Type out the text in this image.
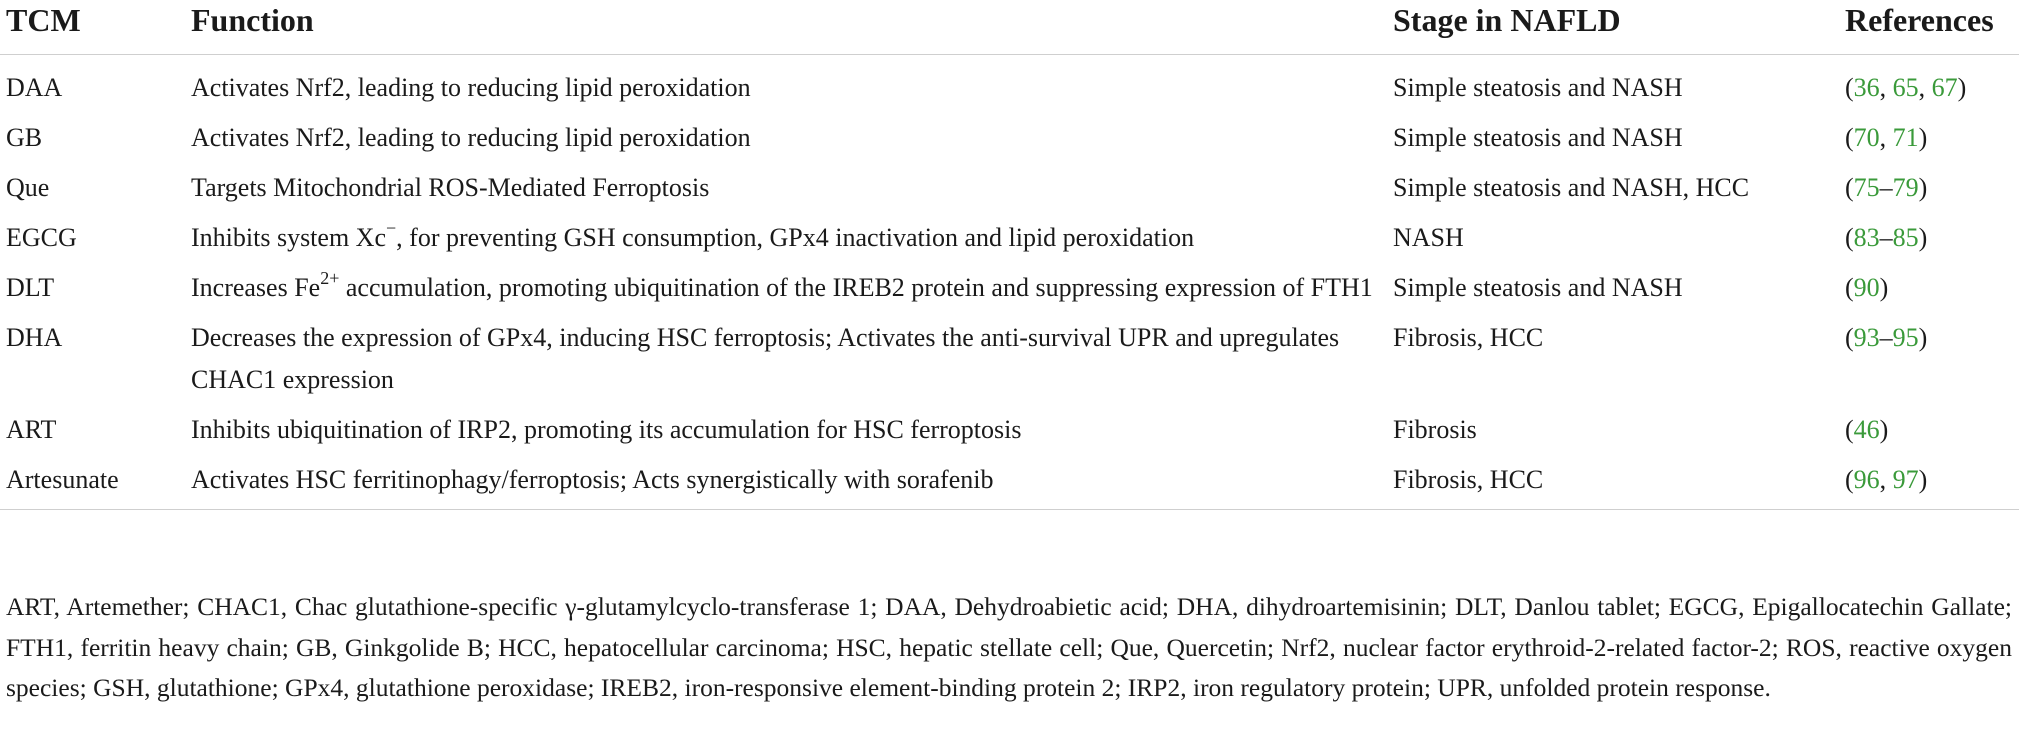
TCM	Function	Stage in NAFLD	References
DAA	Activates Nrf2, leading to reducing lipid peroxidation	Simple steatosis and NASH	(36, 65, 67)
GB	Activates Nrf2, leading to reducing lipid peroxidation	Simple steatosis and NASH	(70, 71)
Que	Targets Mitochondrial ROS-Mediated Ferroptosis	Simple steatosis and NASH, HCC	(75–79)
EGCG	Inhibits system Xc−, for preventing GSH consumption, GPx4 inactivation and lipid peroxidation	NASH	(83–85)
DLT	Increases $Fe^{2+}$ accumulation, promoting ubiquitination of the IREB2 protein and suppressing expression of FTH1	Simple steatosis and NASH	(90)
DHA	Decreases the expression of GPx4, inducing HSC ferroptosis; Activates the anti-survival UPR and upregulates CHAC1 expression	Fibrosis, HCC	(93–95)
ART	Inhibits ubiquitination of IRP2, promoting its accumulation for HSC ferroptosis	Fibrosis	(46)
Artesunate	Activates HSC ferritinophagy/ferroptosis; Acts synergistically with sorafenib	Fibrosis, HCC	(96, 97)
ART, Artemether; CHAC1, Chac glutathione-specific γ-glutamylcyclo-transferase 1; DAA, Dehydroabietic acid; DHA, dihydroartemisinin; DLT, Danlou tablet; EGCG, Epigallocatechin Gallate; FTH1, ferritin heavy chain; GB, Ginkgolide B; HCC, hepatocellular carcinoma; HSC, hepatic stellate cell; Que, Quercetin; Nrf2, nuclear factor erythroid-2-related factor-2; ROS, reactive oxygen species; GSH, glutathione; GPx4, glutathione peroxidase; IREB2, iron-responsive element-binding protein 2; IRP2, iron regulatory protein; UPR, unfolded protein response.
